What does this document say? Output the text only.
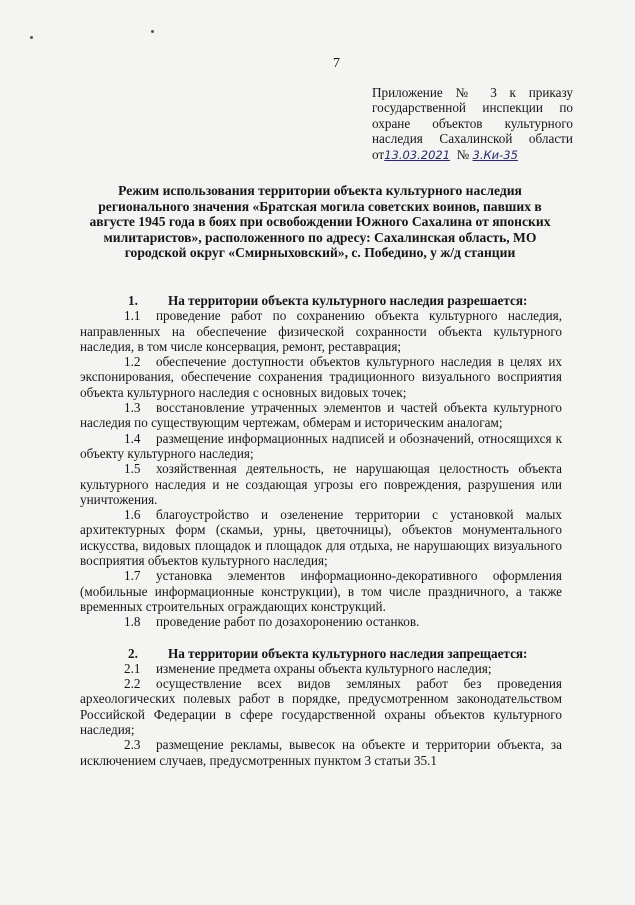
7
Приложение № 3 к приказу
государственной инспекции по
охране объектов культурного
наследия Сахалинской области
от13.03.2021 № 3.Ки-35
Режим использования территории объекта культурного наследия регионального значения «Братская могила советских воинов, павших в августе 1945 года в боях при освобождении Южного Сахалина от японских милитаристов», расположенного по адресу: Сахалинская область, МО городской округ «Смирныховский», с. Победино, у ж/д станции

1. На территории объекта культурного наследия разрешается:

1.1 проведение работ по сохранению объекта культурного наследия, направленных на обеспечение физической сохранности объекта культурного наследия, в том числе консервация, ремонт, реставрация;

1.2 обеспечение доступности объектов культурного наследия в целях их экспонирования, обеспечение сохранения традиционного визуального восприятия объекта культурного наследия с основных видовых точек;

1.3 восстановление утраченных элементов и частей объекта культурного наследия по существующим чертежам, обмерам и историческим аналогам;

1.4 размещение информационных надписей и обозначений, относящихся к объекту культурного наследия;

1.5 хозяйственная деятельность, не нарушающая целостность объекта культурного наследия и не создающая угрозы его повреждения, разрушения или уничтожения.

1.6 благоустройство и озеленение территории с установкой малых архитектурных форм (скамьи, урны, цветочницы), объектов монументального искусства, видовых площадок и площадок для отдыха, не нарушающих визуального восприятия объектов культурного наследия;

1.7 установка элементов информационно-декоративного оформления (мобильные информационные конструкции), в том числе праздничного, а также временных строительных ограждающих конструкций.

1.8 проведение работ по дозахоронению останков.

2. На территории объекта культурного наследия запрещается:

2.1 изменение предмета охраны объекта культурного наследия;

2.2 осуществление всех видов земляных работ без проведения археологических полевых работ в порядке, предусмотренном законодательством Российской Федерации в сфере государственной охраны объектов культурного наследия;

2.3 размещение рекламы, вывесок на объекте и территории объекта, за исключением случаев, предусмотренных пунктом 3 статьи 35.1
